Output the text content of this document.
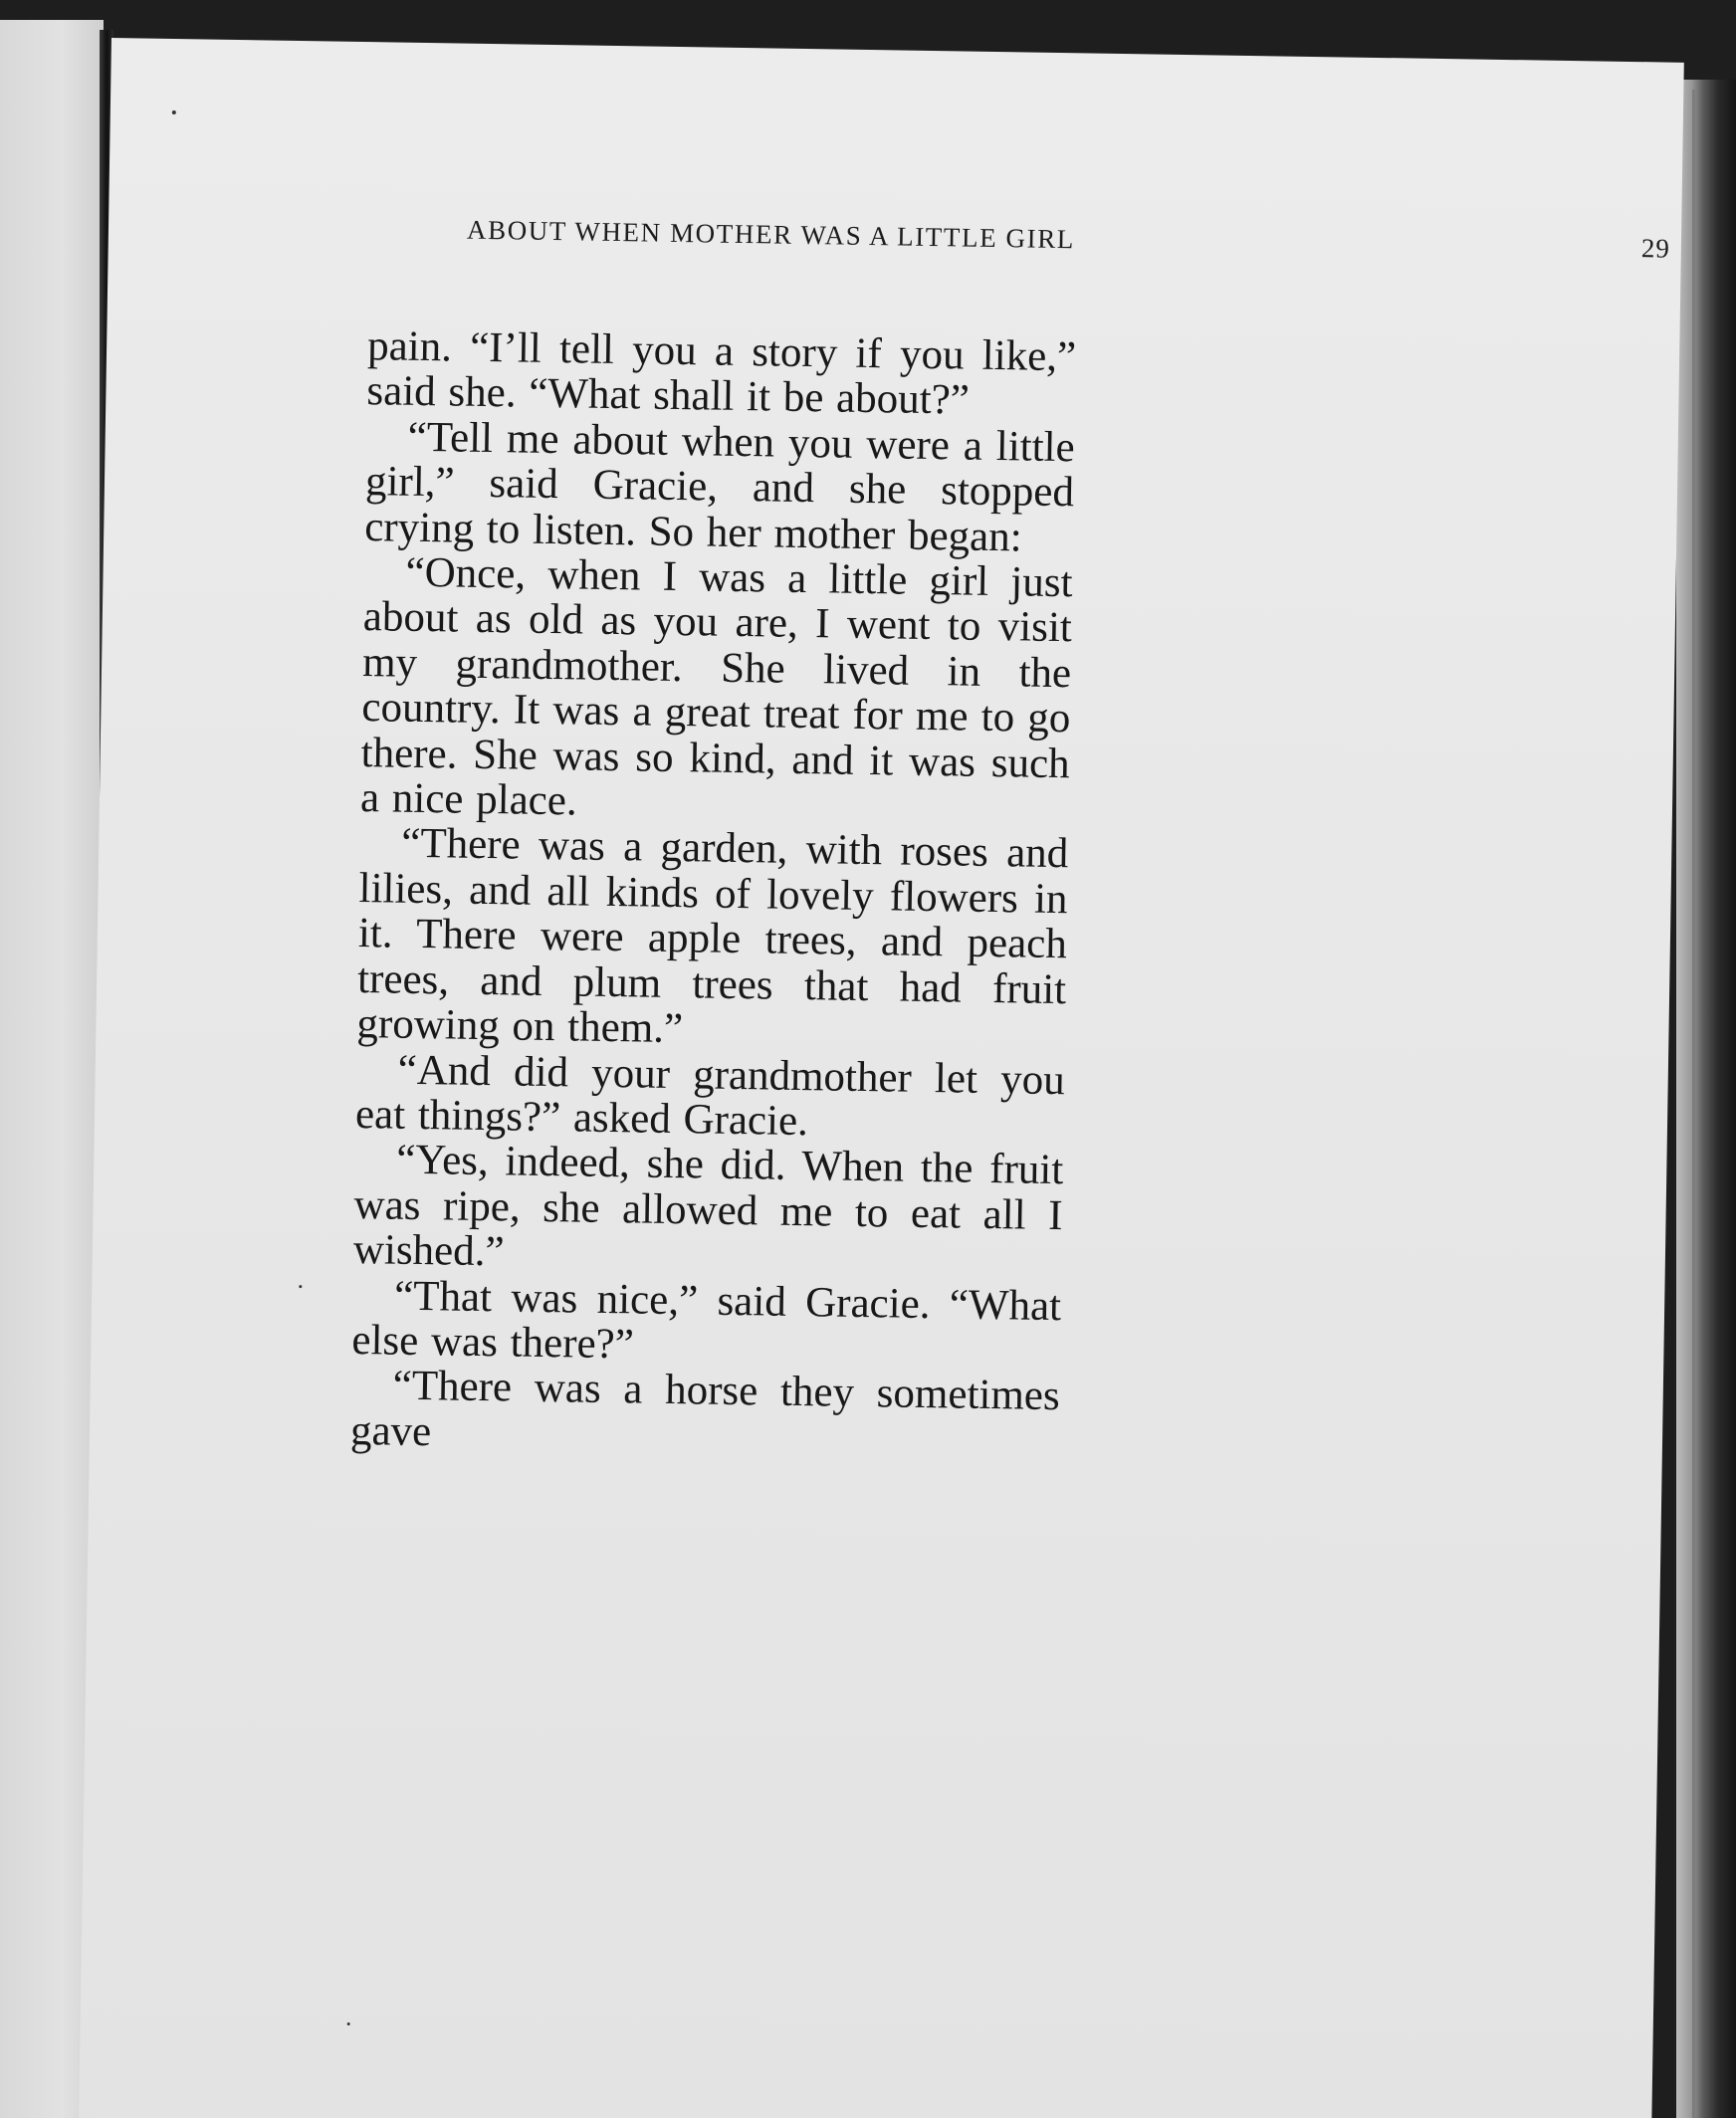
ABOUT WHEN MOTHER WAS A LITTLE GIRL	29

pain. “I’ll tell you a story if you like,” said she. “What shall it be about?”

“Tell me about when you were a little girl,” said Gracie, and she stopped crying to listen. So her mother began:

“Once, when I was a little girl just about as old as you are, I went to visit my grandmother. She lived in the country. It was a great treat for me to go there. She was so kind, and it was such a nice place.

“There was a garden, with roses and lilies, and all kinds of lovely flowers in it. There were apple trees, and peach trees, and plum trees that had fruit growing on them.”

“And did your grandmother let you eat things?” asked Gracie.

“Yes, indeed, she did. When the fruit was ripe, she allowed me to eat all I wished.”

“That was nice,” said Gracie. “What else was there?”

“There was a horse they sometimes gave
